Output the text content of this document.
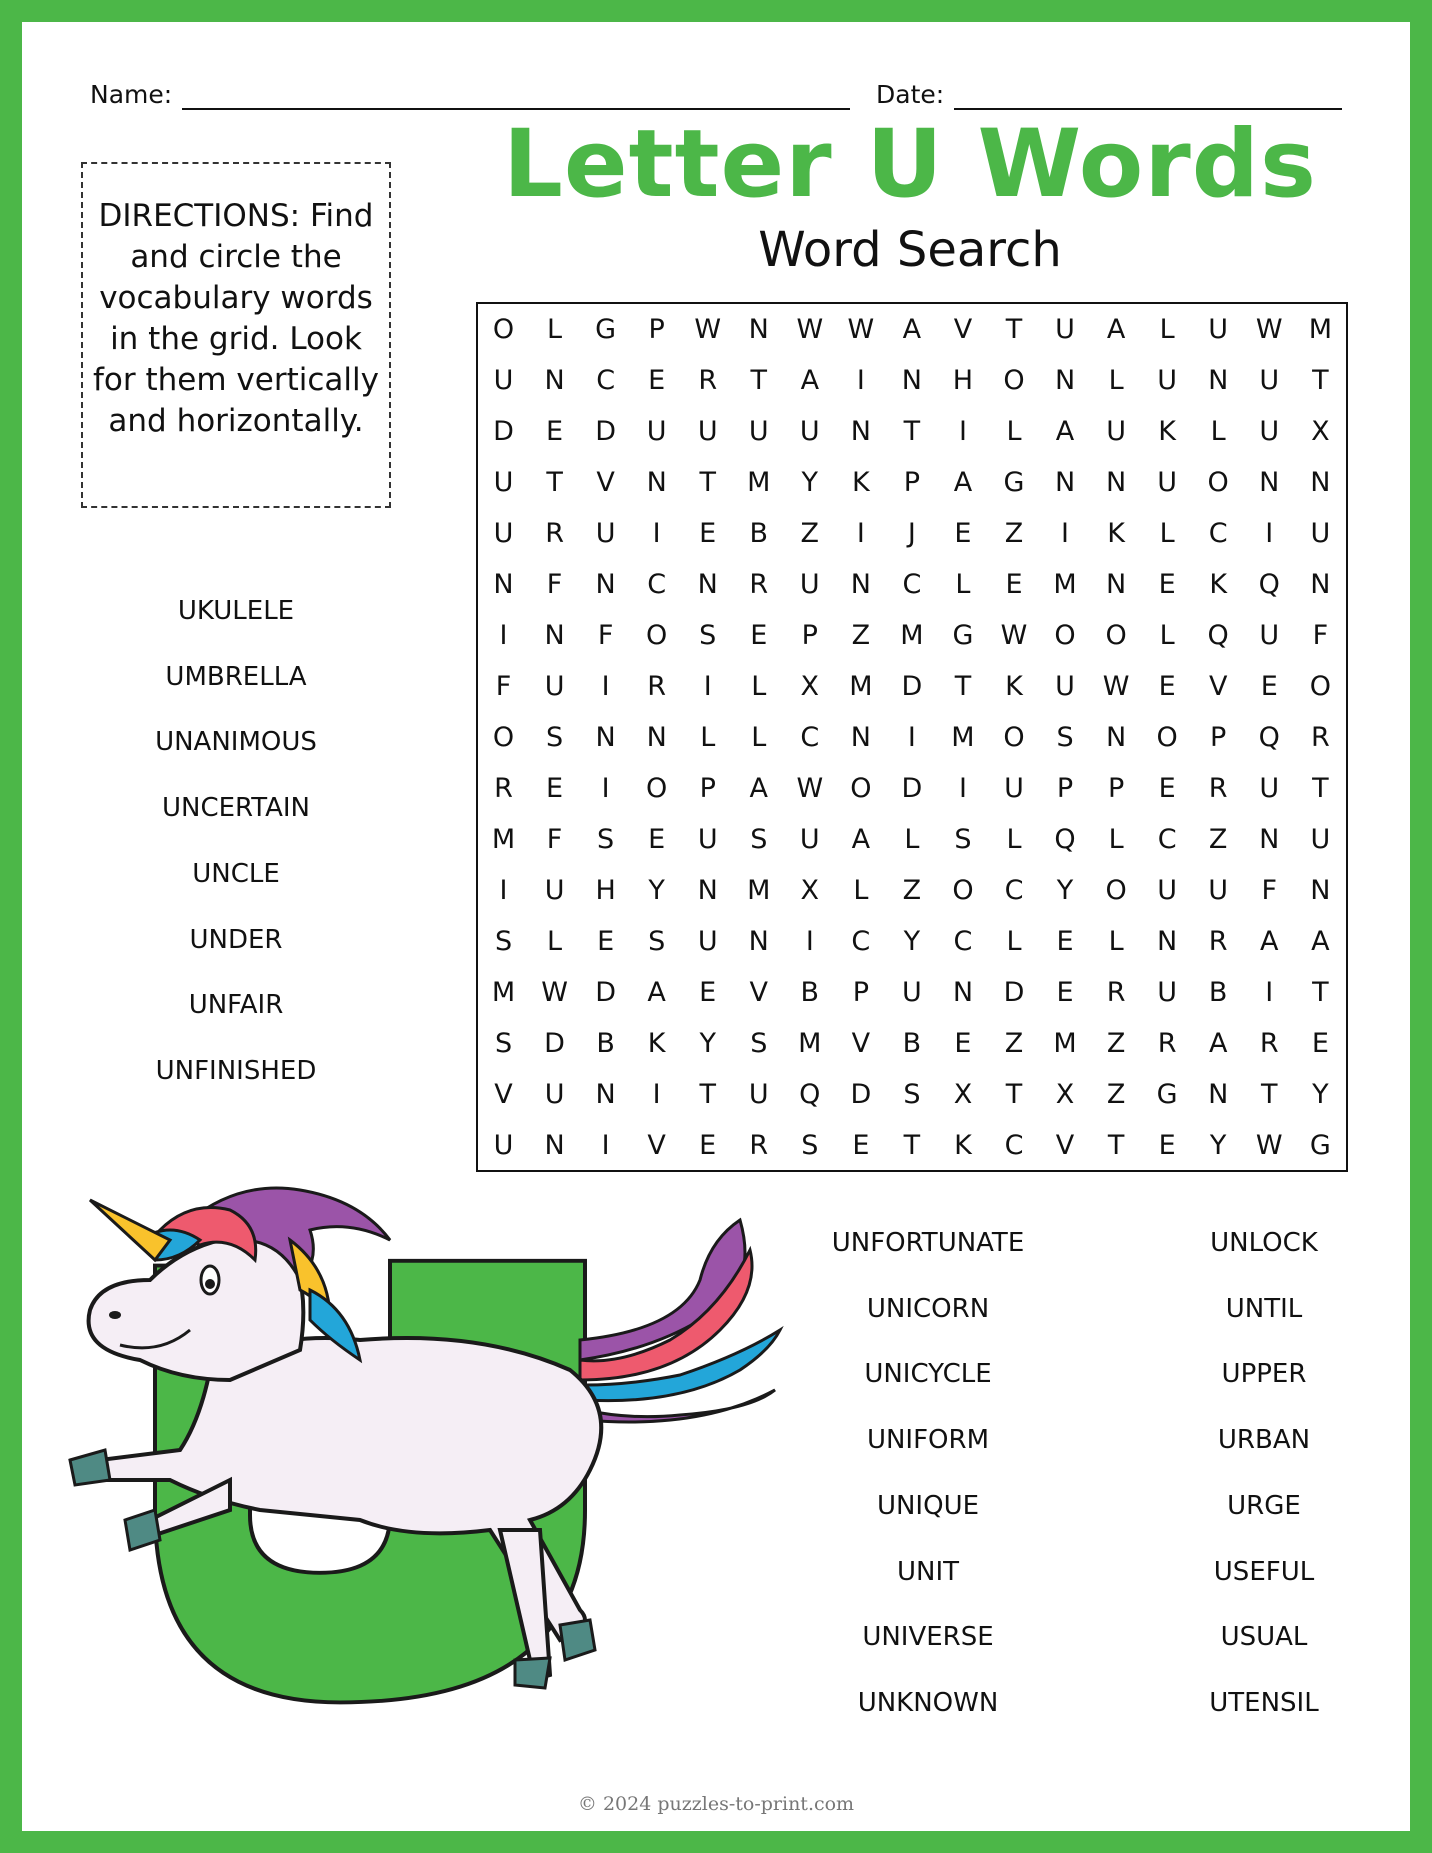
Name:	Date:
Letter U Words
Word Search
DIRECTIONS: Find and circle the vocabulary words in the grid. Look for them vertically and horizontally.
O	L	G	P	W	N	W	W	A	V	T	U	A	L	U	W	M
U	N	C	E	R	T	A	I	N	H	O	N	L	U	N	U	T
D	E	D	U	U	U	U	N	T	I	L	A	U	K	L	U	X
U	T	V	N	T	M	Y	K	P	A	G	N	N	U	O	N	N
U	R	U	I	E	B	Z	I	J	E	Z	I	K	L	C	I	U
N	F	N	C	N	R	U	N	C	L	E	M	N	E	K	Q	N
I	N	F	O	S	E	P	Z	M	G	W	O	O	L	Q	U	F
F	U	I	R	I	L	X	M	D	T	K	U	W	E	V	E	O
O	S	N	N	L	L	C	N	I	M	O	S	N	O	P	Q	R
R	E	I	O	P	A	W	O	D	I	U	P	P	E	R	U	T
M	F	S	E	U	S	U	A	L	S	L	Q	L	C	Z	N	U
I	U	H	Y	N	M	X	L	Z	O	C	Y	O	U	U	F	N
S	L	E	S	U	N	I	C	Y	C	L	E	L	N	R	A	A
M	W	D	A	E	V	B	P	U	N	D	E	R	U	B	I	T
S	D	B	K	Y	S	M	V	B	E	Z	M	Z	R	A	R	E
V	U	N	I	T	U	Q	D	S	X	T	X	Z	G	N	T	Y
U	N	I	V	E	R	S	E	T	K	C	V	T	E	Y	W	G
UKULELE
UMBRELLA
UNANIMOUS
UNCERTAIN
UNCLE
UNDER
UNFAIR
UNFINISHED
UNFORTUNATE
UNICORN
UNICYCLE
UNIFORM
UNIQUE
UNIT
UNIVERSE
UNKNOWN
UNLOCK
UNTIL
UPPER
URBAN
URGE
USEFUL
USUAL
UTENSIL
© 2024 puzzles-to-print.com
